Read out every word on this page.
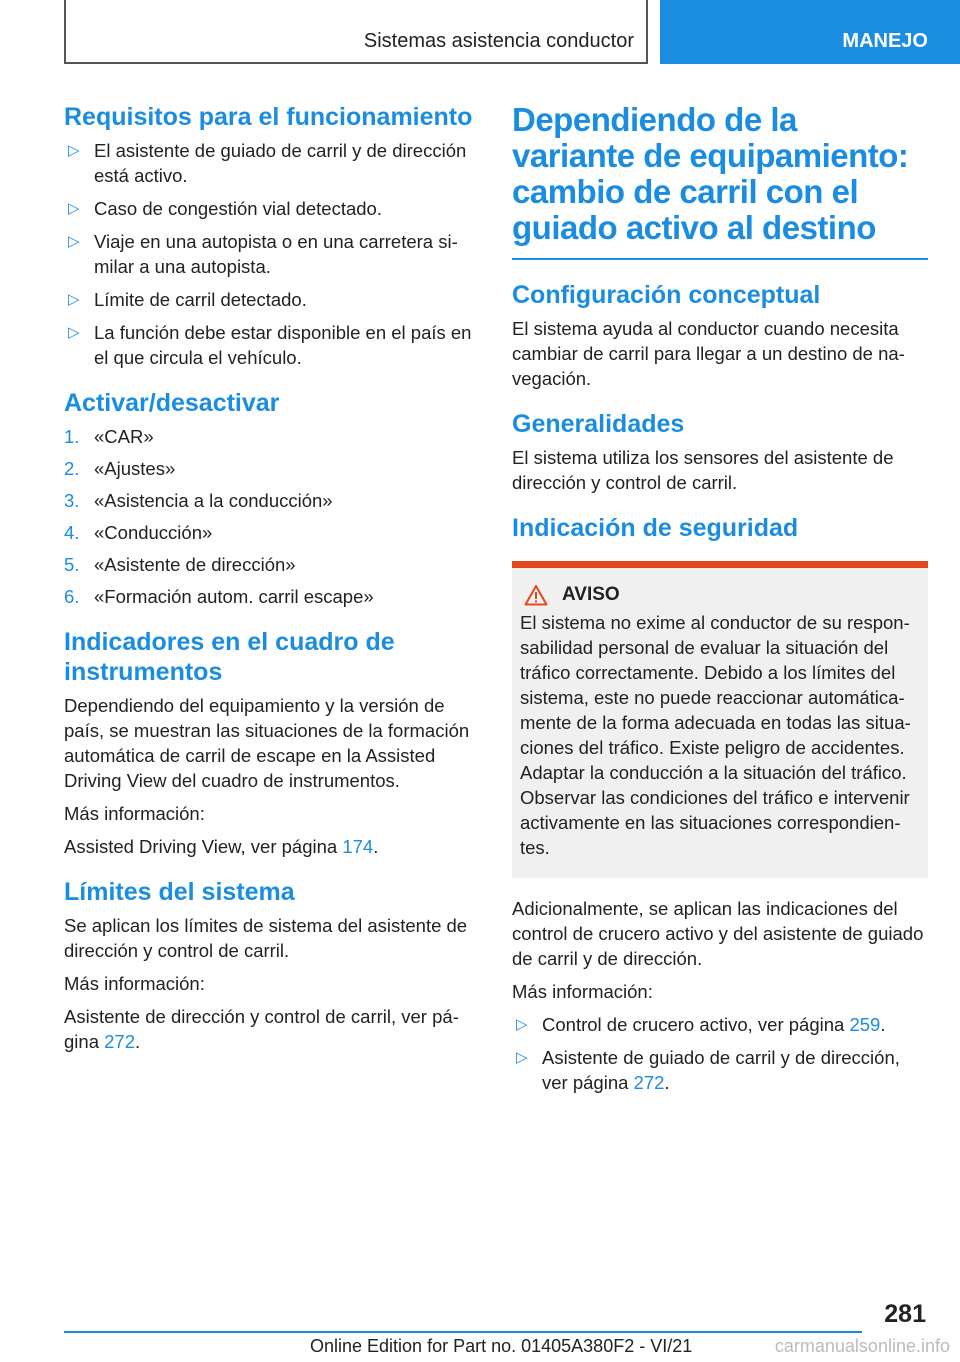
Sistemas asistencia conductor	MANEJO
Requisitos para el funcionamiento
▷ El asistente de guiado de carril y de dirección está activo.
▷ Caso de congestión vial detectado.
▷ Viaje en una autopista o en una carretera similar a una autopista.
▷ Límite de carril detectado.
▷ La función debe estar disponible en el país en el que circula el vehículo.
Activar/desactivar
1. «CAR»
2. «Ajustes»
3. «Asistencia a la conducción»
4. «Conducción»
5. «Asistente de dirección»
6. «Formación autom. carril escape»
Indicadores en el cuadro de instrumentos

Dependiendo del equipamiento y la versión de país, se muestran las situaciones de la formación automática de carril de escape en la Assisted Driving View del cuadro de instrumentos.

Más información:

Assisted Driving View, ver página 174.

Límites del sistema

Se aplican los límites de sistema del asistente de dirección y control de carril.

Más información:

Asistente de dirección y control de carril, ver página 272.

Dependiendo de la variante de equipamiento: cambio de carril con el guiado activo al destino
Configuración conceptual

El sistema ayuda al conductor cuando necesita cambiar de carril para llegar a un destino de navegación.

Generalidades

El sistema utiliza los sensores del asistente de dirección y control de carril.

Indicación de seguridad
AVISO

El sistema no exime al conductor de su responsabilidad personal de evaluar la situación del tráfico correctamente. Debido a los límites del sistema, este no puede reaccionar automáticamente de la forma adecuada en todas las situaciones del tráfico. Existe peligro de accidentes. Adaptar la conducción a la situación del tráfico. Observar las condiciones del tráfico e intervenir activamente en las situaciones correspondientes.

Adicionalmente, se aplican las indicaciones del control de crucero activo y del asistente de guiado de carril y de dirección.

Más información:

▷ Control de crucero activo, ver página 259.
▷ Asistente de guiado de carril y de dirección, ver página 272.
281
Online Edition for Part no. 01405A380F2 - VI/21	carmanualsonline.info
